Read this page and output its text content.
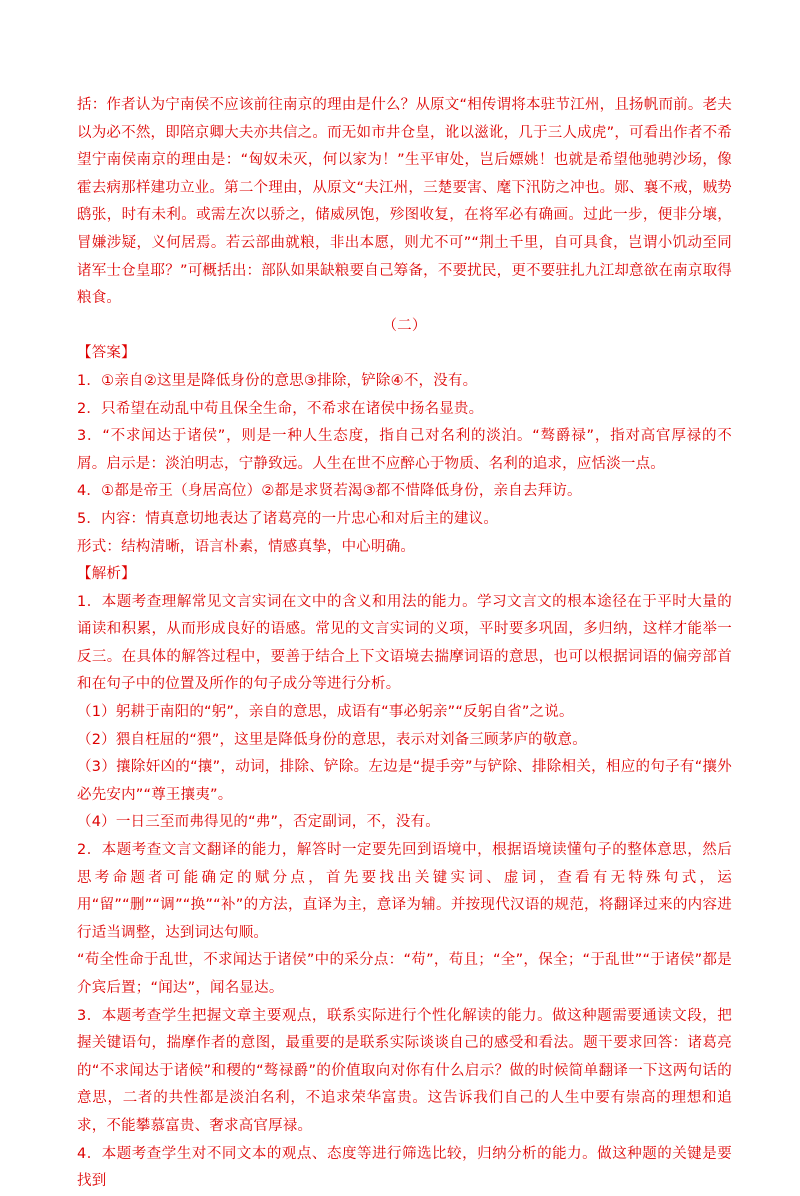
括：作者认为宁南侯不应该前往南京的理由是什么？从原文“相传谓将本驻节江州，且扬帆而前。老夫以为必不然，即陪京卿大夫亦共信之。而无如市井仓皇，讹以滋讹，几于三人成虎”，可看出作者不希望宁南侯南京的理由是：“匈奴未灭，何以家为！”生平审处，岂后嫖姚！也就是希望他驰骋沙场，像霍去病那样建功立业。第二个理由，从原文“夫江州，三楚要害、麾下汛防之冲也。郧、襄不戒，贼势鸱张，时有未利。或需左次以骄之，储威夙饱，殄图收复，在将军必有确画。过此一步，便非分壤，冒嫌涉疑，义何居焉。若云部曲就粮，非出本愿，则尤不可”“荆土千里，自可具食，岂谓小饥动至同诸军士仓皇耶？”可概括出：部队如果缺粮要自己筹备，不要扰民，更不要驻扎九江却意欲在南京取得粮食。

（二）

【答案】

1．①亲自②这里是降低身份的意思③排除，铲除④不，没有。

2．只希望在动乱中苟且保全生命，不希求在诸侯中扬名显贵。

3．“不求闻达于诸侯”，则是一种人生态度，指自己对名利的淡泊。“骜爵禄”，指对高官厚禄的不屑。启示是：淡泊明志，宁静致远。人生在世不应醉心于物质、名利的追求，应恬淡一点。

4．①都是帝王（身居高位）②都是求贤若渴③都不惜降低身份，亲自去拜访。

5．内容：情真意切地表达了诸葛亮的一片忠心和对后主的建议。

形式：结构清晰，语言朴素，情感真挚，中心明确。

【解析】

1．本题考查理解常见文言实词在文中的含义和用法的能力。学习文言文的根本途径在于平时大量的诵读和积累，从而形成良好的语感。常见的文言实词的义项，平时要多巩固，多归纳，这样才能举一反三。在具体的解答过程中，要善于结合上下文语境去揣摩词语的意思，也可以根据词语的偏旁部首和在句子中的位置及所作的句子成分等进行分析。

（1）躬耕于南阳的“躬”，亲自的意思，成语有“事必躬亲”“反躬自省”之说。

（2）猥自枉屈的“猥”，这里是降低身份的意思，表示对刘备三顾茅庐的敬意。

（3）攘除奸凶的“攘”，动词，排除、铲除。左边是“提手旁”与铲除、排除相关，相应的句子有“攘外必先安内”“尊王攘夷”。

（4）一日三至而弗得见的“弗”，否定副词，不，没有。

2．本题考查文言文翻译的能力，解答时一定要先回到语境中，根据语境读懂句子的整体意思，然后思考命题者可能确定的赋分点，首先要找出关键实词、虚词，查看有无特殊句式，运用“留”“删”“调”“换”“补”的方法，直译为主，意译为辅。并按现代汉语的规范，将翻译过来的内容进行适当调整，达到词达句顺。

“苟全性命于乱世，不求闻达于诸侯”中的采分点：“苟”，苟且；“全”，保全；“于乱世”“于诸侯”都是介宾后置；“闻达”，闻名显达。

3．本题考查学生把握文章主要观点，联系实际进行个性化解读的能力。做这种题需要通读文段，把握关键语句，揣摩作者的意图，最重要的是联系实际谈谈自己的感受和看法。题干要求回答：诸葛亮的“不求闻达于诸候”和稷的“骜禄爵”的价值取向对你有什么启示？做的时候简单翻译一下这两句话的意思，二者的共性都是淡泊名利，不追求荣华富贵。这告诉我们自己的人生中要有崇高的理想和追求，不能攀慕富贵、奢求高官厚禄。

4．本题考查学生对不同文本的观点、态度等进行筛选比较，归纳分析的能力。做这种题的关键是要找到
